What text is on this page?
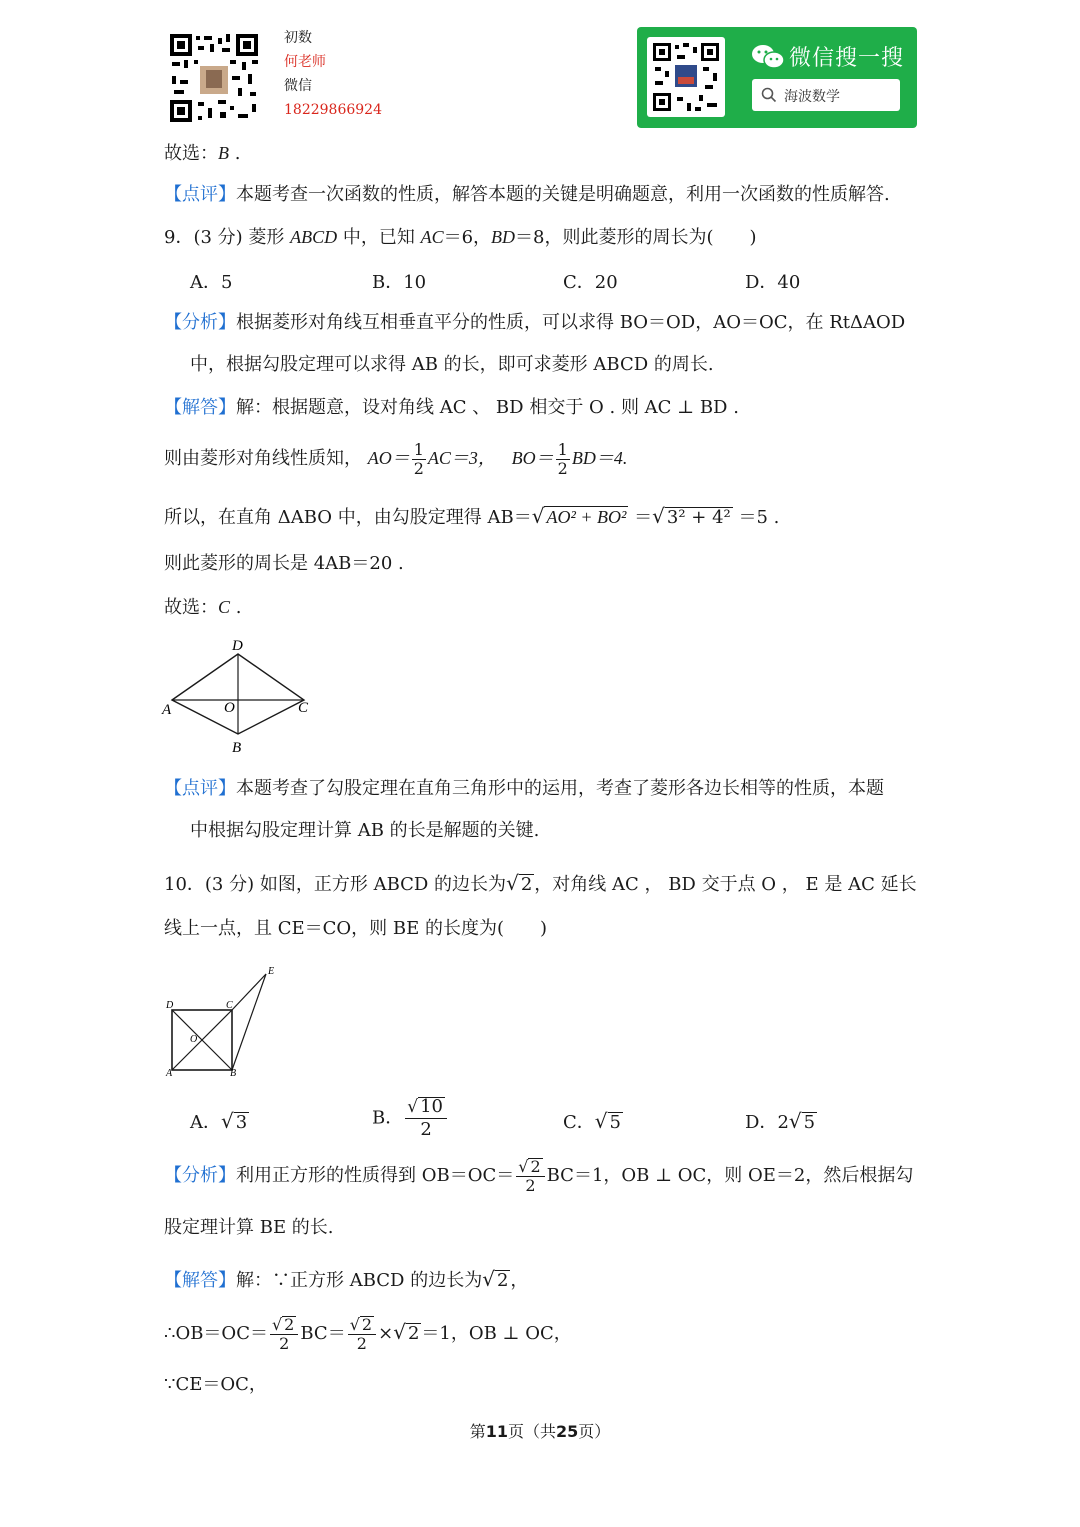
初数
何老师
微信
18229866924
微信搜一搜
海波数学
故选：B .
【点评】本题考查一次函数的性质，解答本题的关键是明确题意，利用一次函数的性质解答.
9．(3 分) 菱形 ABCD 中，已知 AC＝6，BD＝8，则此菱形的周长为(　　)
A．5	B．10	C．20	D．40
【分析】根据菱形对角线互相垂直平分的性质，可以求得 BO＝OD，AO＝OC，在 RtΔAOD
中，根据勾股定理可以求得 AB 的长，即可求菱形 ABCD 的周长.
【解答】解：根据题意，设对角线 AC 、 BD 相交于 O . 则 AC ⊥ BD .
则由菱形对角线性质知， $AO= \frac{1}{2} AC=3$， $BO= \frac{1}{2} BD=4$.
所以，在直角 ΔABO 中，由勾股定理得 AB＝√ AO² + BO² ＝√ 3² + 4² ＝5 .
则此菱形的周长是 4AB＝20 .
故选：C .
D
A	O	C
B
【点评】本题考查了勾股定理在直角三角形中的运用，考查了菱形各边长相等的性质，本题
中根据勾股定理计算 AB 的长是解题的关键.
10．(3 分) 如图，正方形 ABCD 的边长为√ 2 ，对角线 AC ， BD 交于点 O ， E 是 AC 延长
线上一点，且 CE＝CO，则 BE 的长度为(　　)
E
D	C
O
A	B
A．√ 3	B． $\frac{√ 10}{2}$	C．√ 5	D．2√ 5
【分析】利用正方形的性质得到 $OB=OC= \frac{√ 2}{2} BC=1$，OB ⊥ OC，则 OE＝2，然后根据勾
股定理计算 BE 的长.
【解答】解：∵正方形 ABCD 的边长为√ 2 ，
∴OB＝OC＝ $\frac{√ 2}{2} BC= \frac{√ 2}{2}$ ×√ 2 ＝1，OB ⊥ OC，
∵CE＝OC，
第11页（共25页）
